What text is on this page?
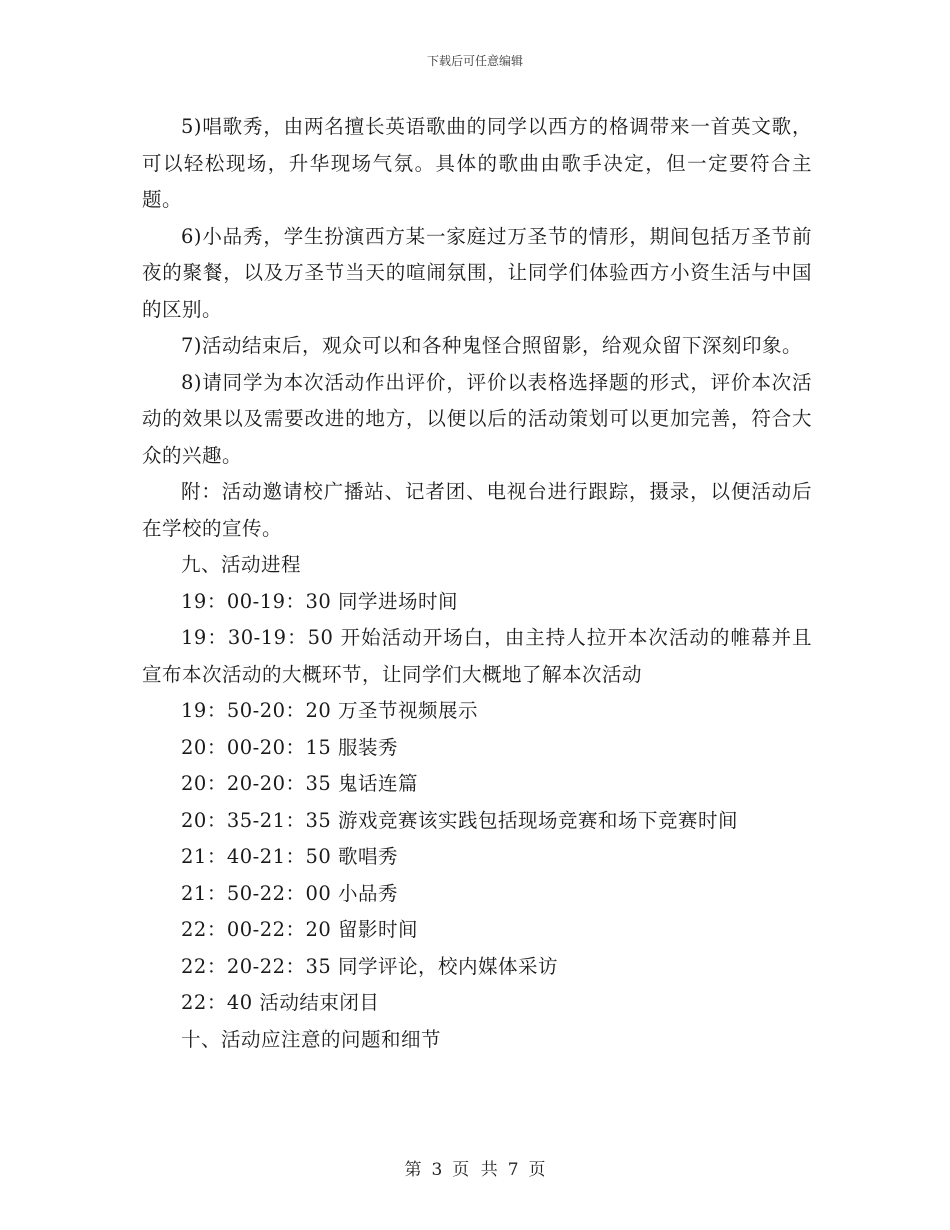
下载后可任意编辑

5)唱歌秀，由两名擅长英语歌曲的同学以西方的格调带来一首英文歌，可以轻松现场，升华现场气氛。具体的歌曲由歌手决定，但一定要符合主题。

6)小品秀，学生扮演西方某一家庭过万圣节的情形，期间包括万圣节前夜的聚餐，以及万圣节当天的喧闹氛围，让同学们体验西方小资生活与中国的区别。

7)活动结束后，观众可以和各种鬼怪合照留影，给观众留下深刻印象。

8)请同学为本次活动作出评价，评价以表格选择题的形式，评价本次活动的效果以及需要改进的地方，以便以后的活动策划可以更加完善，符合大众的兴趣。

附：活动邀请校广播站、记者团、电视台进行跟踪，摄录，以便活动后在学校的宣传。

九、活动进程

19：00-19：30 同学进场时间

19：30-19：50 开始活动开场白，由主持人拉开本次活动的帷幕并且宣布本次活动的大概环节，让同学们大概地了解本次活动

19：50-20：20 万圣节视频展示

20：00-20：15 服装秀

20：20-20：35 鬼话连篇

20：35-21：35 游戏竞赛该实践包括现场竞赛和场下竞赛时间

21：40-21：50 歌唱秀

21：50-22：00 小品秀

22：00-22：20 留影时间

22：20-22：35 同学评论，校内媒体采访

22：40 活动结束闭目

十、活动应注意的问题和细节

第 3 页 共 7 页
